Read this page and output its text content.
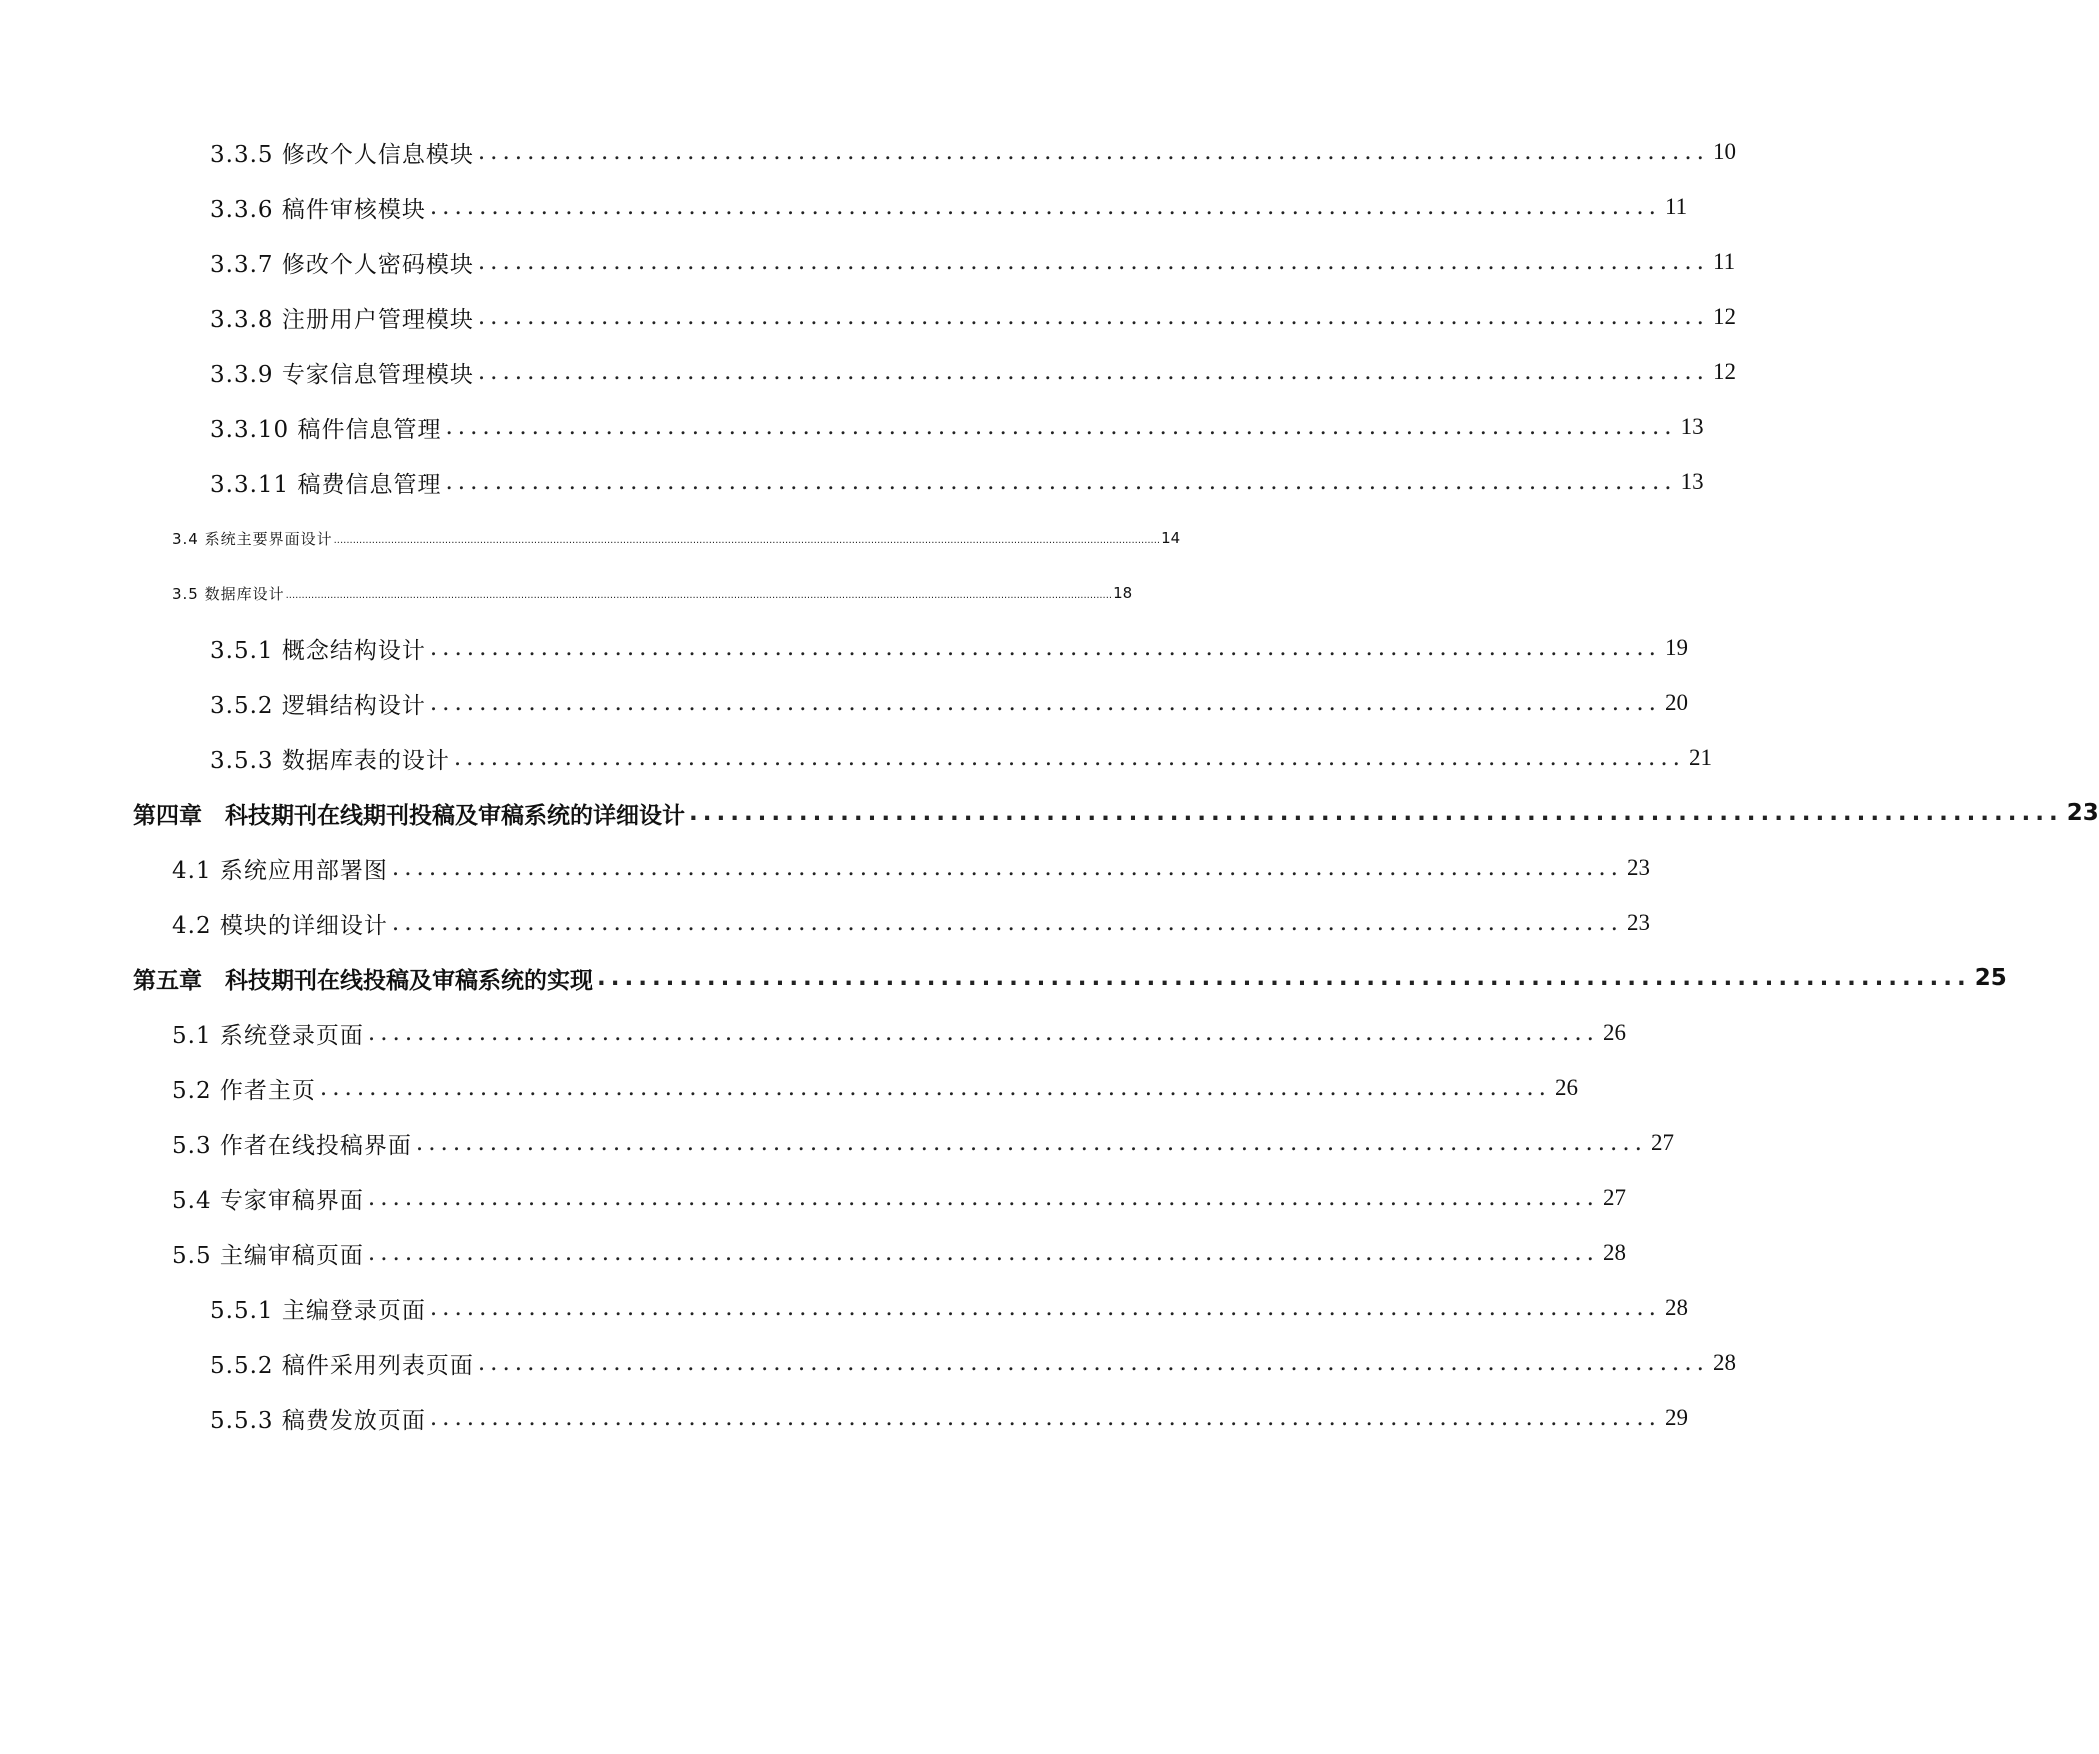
3.3.5 修改个人信息模块 .................................................................................................... 10
3.3.6 稿件审核模块 .................................................................................................... 11
3.3.7 修改个人密码模块 .................................................................................................... 11
3.3.8 注册用户管理模块 .................................................................................................... 12
3.3.9 专家信息管理模块 .................................................................................................... 12
3.3.10 稿件信息管理 .................................................................................................... 13
3.3.11 稿费信息管理 .................................................................................................... 13
3.4 系统主要界面设计 .................................................................................................................................................................................................................................................................... 14
3.5 数据库设计 .................................................................................................................................................................................................................................................................... 18
3.5.1 概念结构设计 .................................................................................................... 19
3.5.2 逻辑结构设计 .................................................................................................... 20
3.5.3 数据库表的设计 .................................................................................................... 21
第四章　科技期刊在线期刊投稿及审稿系统的详细设计 .................................................................................................... 23
4.1 系统应用部署图 .................................................................................................... 23
4.2 模块的详细设计 .................................................................................................... 23
第五章　科技期刊在线投稿及审稿系统的实现 .................................................................................................... 25
5.1 系统登录页面 .................................................................................................... 26
5.2 作者主页 .................................................................................................... 26
5.3 作者在线投稿界面 .................................................................................................... 27
5.4 专家审稿界面 .................................................................................................... 27
5.5 主编审稿页面 .................................................................................................... 28
5.5.1 主编登录页面 .................................................................................................... 28
5.5.2 稿件采用列表页面 .................................................................................................... 28
5.5.3 稿费发放页面 .................................................................................................... 29
